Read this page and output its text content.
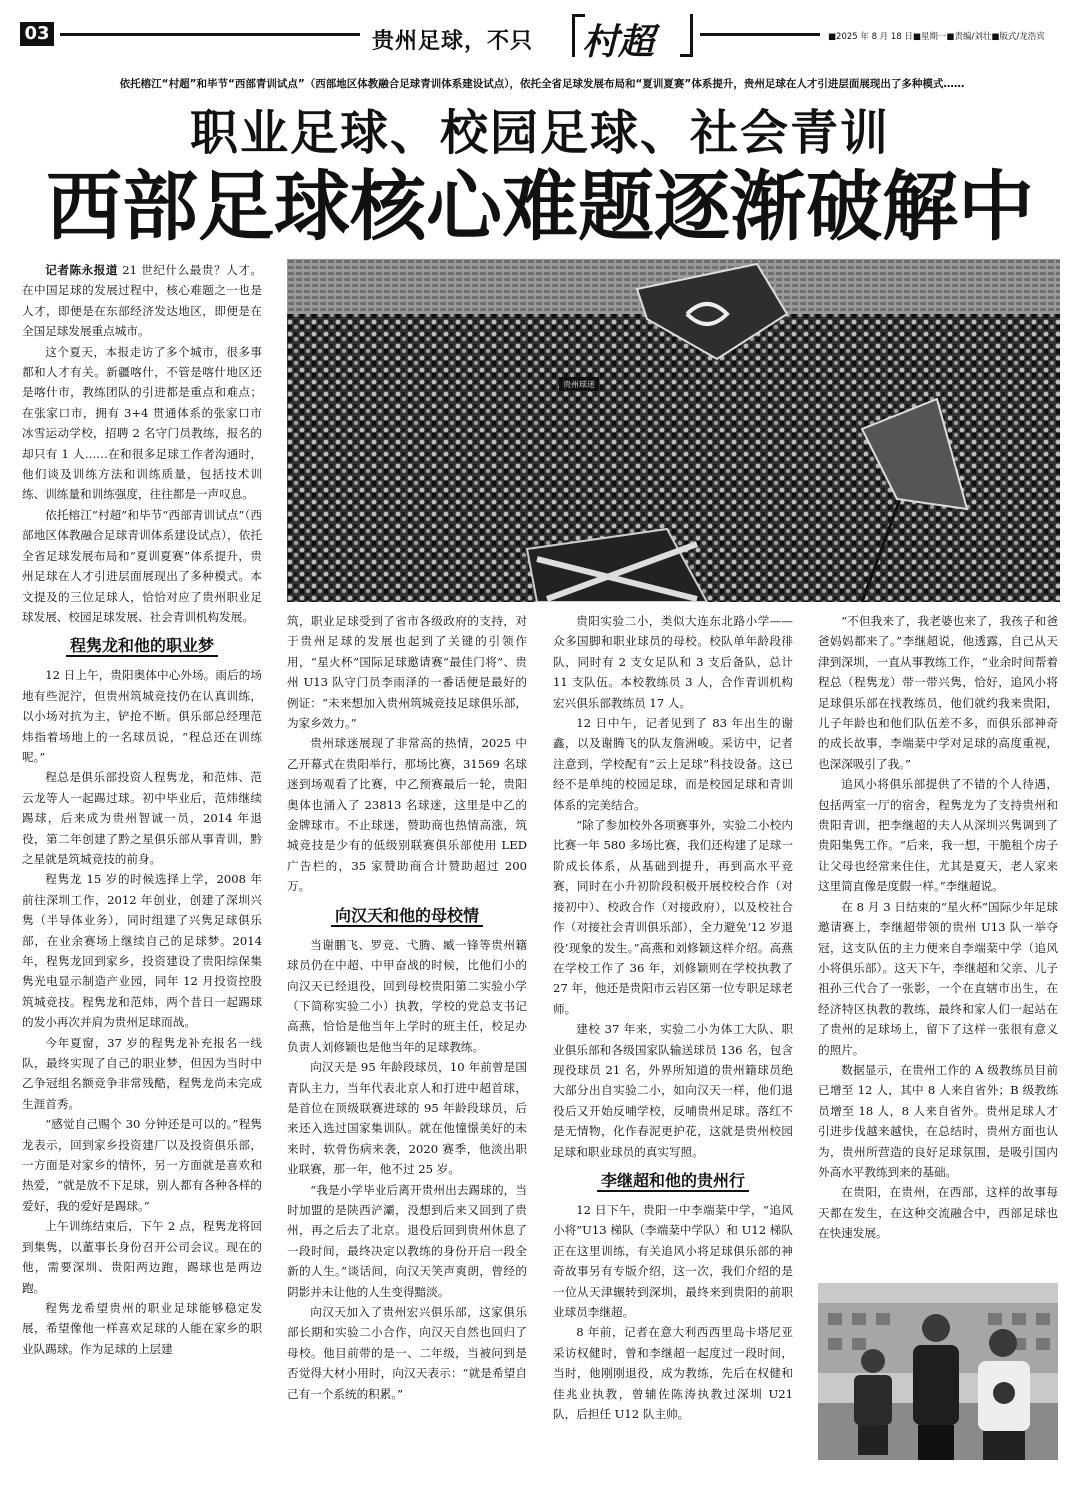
03	贵州足球，不只 村超	■2025 年 8 月 18 日■星期一■责编/刘壮■版式/龙浩宾
依托榕江“村超”和毕节“西部青训试点”（西部地区体教融合足球青训体系建设试点），依托全省足球发展布局和“夏训夏赛”体系提升，贵州足球在人才引进层面展现出了多种模式……
职业足球、校园足球、社会青训
西部足球核心难题逐渐破解中

记者陈永报道 21 世纪什么最贵？人才。在中国足球的发展过程中，核心难题之一也是人才，即便是在东部经济发达地区，即便是在全国足球发展重点城市。

这个夏天，本报走访了多个城市，很多事都和人才有关。新疆喀什，不管是喀什地区还是喀什市，教练团队的引进都是重点和难点；在张家口市，拥有 3+4 贯通体系的张家口市冰雪运动学校，招聘 2 名守门员教练，报名的却只有 1 人……在和很多足球工作者沟通时，他们谈及训练方法和训练质量，包括技术训练、训练量和训练强度，往往都是一声叹息。

依托榕江“村超”和毕节“西部青训试点”（西部地区体教融合足球青训体系建设试点），依托全省足球发展布局和“夏训夏赛”体系提升，贵州足球在人才引进层面展现出了多种模式。本文提及的三位足球人，恰恰对应了贵州职业足球发展、校园足球发展、社会青训机构发展。

程隽龙和他的职业梦

12 日上午，贵阳奥体中心外场。雨后的场地有些泥泞，但贵州筑城竞技仍在认真训练，以小场对抗为主，铲抢不断。俱乐部总经理范炜指着场地上的一名球员说，“程总还在训练呢。”

程总是俱乐部投资人程隽龙，和范炜、范云龙等人一起踢过球。初中毕业后，范炜继续踢球，后来成为贵州智诚一员，2014 年退役，第二年创建了黔之星俱乐部从事青训，黔之星就是筑城竞技的前身。

程隽龙 15 岁的时候选择上学，2008 年前往深圳工作，2012 年创业，创建了深圳兴隽（半导体业务），同时组建了兴隽足球俱乐部，在业余赛场上继续自己的足球梦。2014 年，程隽龙回到家乡，投资建设了贵阳综保集隽光电显示制造产业园，同年 12 月投资控股筑城竞技。程隽龙和范炜，两个昔日一起踢球的发小再次并肩为贵州足球而战。

今年夏窗，37 岁的程隽龙补充报名一线队，最终实现了自己的职业梦，但因为当时中乙争冠组名额竞争非常残酷，程隽龙尚未完成生涯首秀。

“感觉自己赐个 30 分钟还是可以的。”程隽龙表示，回到家乡投资建厂以及投资俱乐部，一方面是对家乡的情怀，另一方面就是喜欢和热爱，“就是放不下足球，别人都有各种各样的爱好，我的爱好是踢球。”

上午训练结束后，下午 2 点，程隽龙将回到集隽，以董事长身份召开公司会议。现在的他，需要深圳、贵阳两边跑，踢球也是两边跑。

程隽龙希望贵州的职业足球能够稳定发展，希望像他一样喜欢足球的人能在家乡的职业队踢球。作为足球的上层建

贵州球迷

筑，职业足球受到了省市各级政府的支持，对于贵州足球的发展也起到了关键的引领作用，“星火杯”国际足球邀请赛“最佳门将”、贵州 U13 队守门员李雨泽的一番话便是最好的例证：“未来想加入贵州筑城竞技足球俱乐部，为家乡效力。”

贵州球迷展现了非常高的热情，2025 中乙开幕式在贵阳举行，那场比赛，31569 名球迷到场观看了比赛，中乙预赛最后一轮，贵阳奥体也涌入了 23813 名球迷，这里是中乙的金牌球市。不止球迷，赞助商也热情高涨，筑城竞技是少有的低级别联赛俱乐部使用 LED 广告栏的，35 家赞助商合计赞助超过 200 万。

向汉天和他的母校情

当谢鹏飞、罗竞、弋腾、臧一锋等贵州籍球员仍在中超、中甲奋战的时候，比他们小的向汉天已经退役，回到母校贵阳第二实验小学（下简称实验二小）执教，学校的党总支书记高燕，恰恰是他当年上学时的班主任，校足办负责人刘修颖也是他当年的足球教练。

向汉天是 95 年龄段球员，10 年前曾是国青队主力，当年代表北京人和打进中超首球，是首位在顶级联赛进球的 95 年龄段球员，后来还入选过国家集训队。就在他憧憬美好的未来时，软骨伤病来袭，2020 赛季，他淡出职业联赛，那一年，他不过 25 岁。

“我是小学毕业后离开贵州出去踢球的，当时加盟的是陕西浐灞，没想到后来又回到了贵州，再之后去了北京。退役后回到贵州休息了一段时间，最终决定以教练的身份开启一段全新的人生。”谈话间，向汉天笑声爽朗，曾经的阴影并未让他的人生变得黯淡。

向汉天加入了贵州宏兴俱乐部，这家俱乐部长期和实验二小合作，向汉天自然也回归了母校。他目前带的是一、二年级，当被问到是否觉得大材小用时，向汉天表示：“就是希望自己有一个系统的积累。”

贵阳实验二小，类似大连东北路小学——众多国脚和职业球员的母校。校队单年龄段徘队，同时有 2 支女足队和 3 支后备队，总计 11 支队伍。本校教练员 3 人，合作青训机构宏兴俱乐部教练员 17 人。

12 日中午，记者见到了 83 年出生的谢鑫，以及谢腾飞的队友詹洲峻。采访中，记者注意到，学校配有“云上足球”科技设备。这已经不是单纯的校园足球，而是校园足球和青训体系的完美结合。

“除了参加校外各项赛事外，实验二小校内比赛一年 580 多场比赛，我们还构建了足球一阶成长体系，从基础到提升，再到高水平竞赛，同时在小升初阶段积极开展校校合作（对接初中）、校政合作（对接政府），以及校社合作（对接社会青训俱乐部），全力避免‘12 岁退役’现象的发生。”高燕和刘修颖这样介绍。高燕在学校工作了 36 年，刘修颖则在学校执教了 27 年，他还是贵阳市云岩区第一位专职足球老师。

建校 37 年来，实验二小为体工大队、职业俱乐部和各级国家队输送球员 136 名，包含现役球员 21 名，外界所知道的贵州籍球员绝大部分出自实验二小，如向汉天一样，他们退役后又开始反哺学校，反哺贵州足球。落红不是无情物，化作春泥更护花，这就是贵州校园足球和职业球员的真实写照。

李继超和他的贵州行

12 日下午，贵阳一中李端棻中学，“追风小将”U13 梯队（李端棻中学队）和 U12 梯队正在这里训练，有关追风小将足球俱乐部的神奇故事另有专版介绍，这一次，我们介绍的是一位从天津辗转到深圳，最终来到贵阳的前职业球员李继超。

8 年前，记者在意大利西西里岛卡塔尼亚采访权健时，曾和李继超一起度过一段时间，当时，他刚刚退役，成为教练，先后在权健和佳兆业执教，曾辅佐陈涛执教过深圳 U21 队，后担任 U12 队主帅。

“不但我来了，我老婆也来了，我孩子和爸爸妈妈都来了。”李继超说，他透露，自己从天津到深圳，一直从事教练工作，“业余时间帮着程总（程隽龙）带一带兴隽，恰好，追风小将足球俱乐部在找教练员，他们就约我来贵阳，儿子年龄也和他们队伍差不多，而俱乐部神奇的成长故事，李端棻中学对足球的高度重视，也深深吸引了我。”

追风小将俱乐部提供了不错的个人待遇，包括两室一厅的宿舍，程隽龙为了支持贵州和贵阳青训，把李继超的夫人从深圳兴隽调到了贵阳集隽工作。“后来，我一想，干脆租个房子让父母也经常来住住，尤其是夏天，老人家来这里简直像是度假一样。”李继超说。

在 8 月 3 日结束的“星火杯”国际少年足球邀请赛上，李继超带领的贵州 U13 队一举夺冠，这支队伍的主力便来自李端棻中学（追风小将俱乐部）。这天下午，李继超和父亲、儿子祖孙三代合了一张影，一个在直辖市出生，在经济特区执教的教练，最终和家人们一起站在了贵州的足球场上，留下了这样一张很有意义的照片。

数据显示，在贵州工作的 A 级教练员目前已增至 12 人，其中 8 人来自省外；B 级教练员增至 18 人，8 人来自省外。贵州足球人才引进步伐越来越快，在总结时，贵州方面也认为，贵州所营造的良好足球氛围，是吸引国内外高水平教练到来的基础。

在贵阳，在贵州，在西部，这样的故事每天都在发生，在这种交流融合中，西部足球也在快速发展。
